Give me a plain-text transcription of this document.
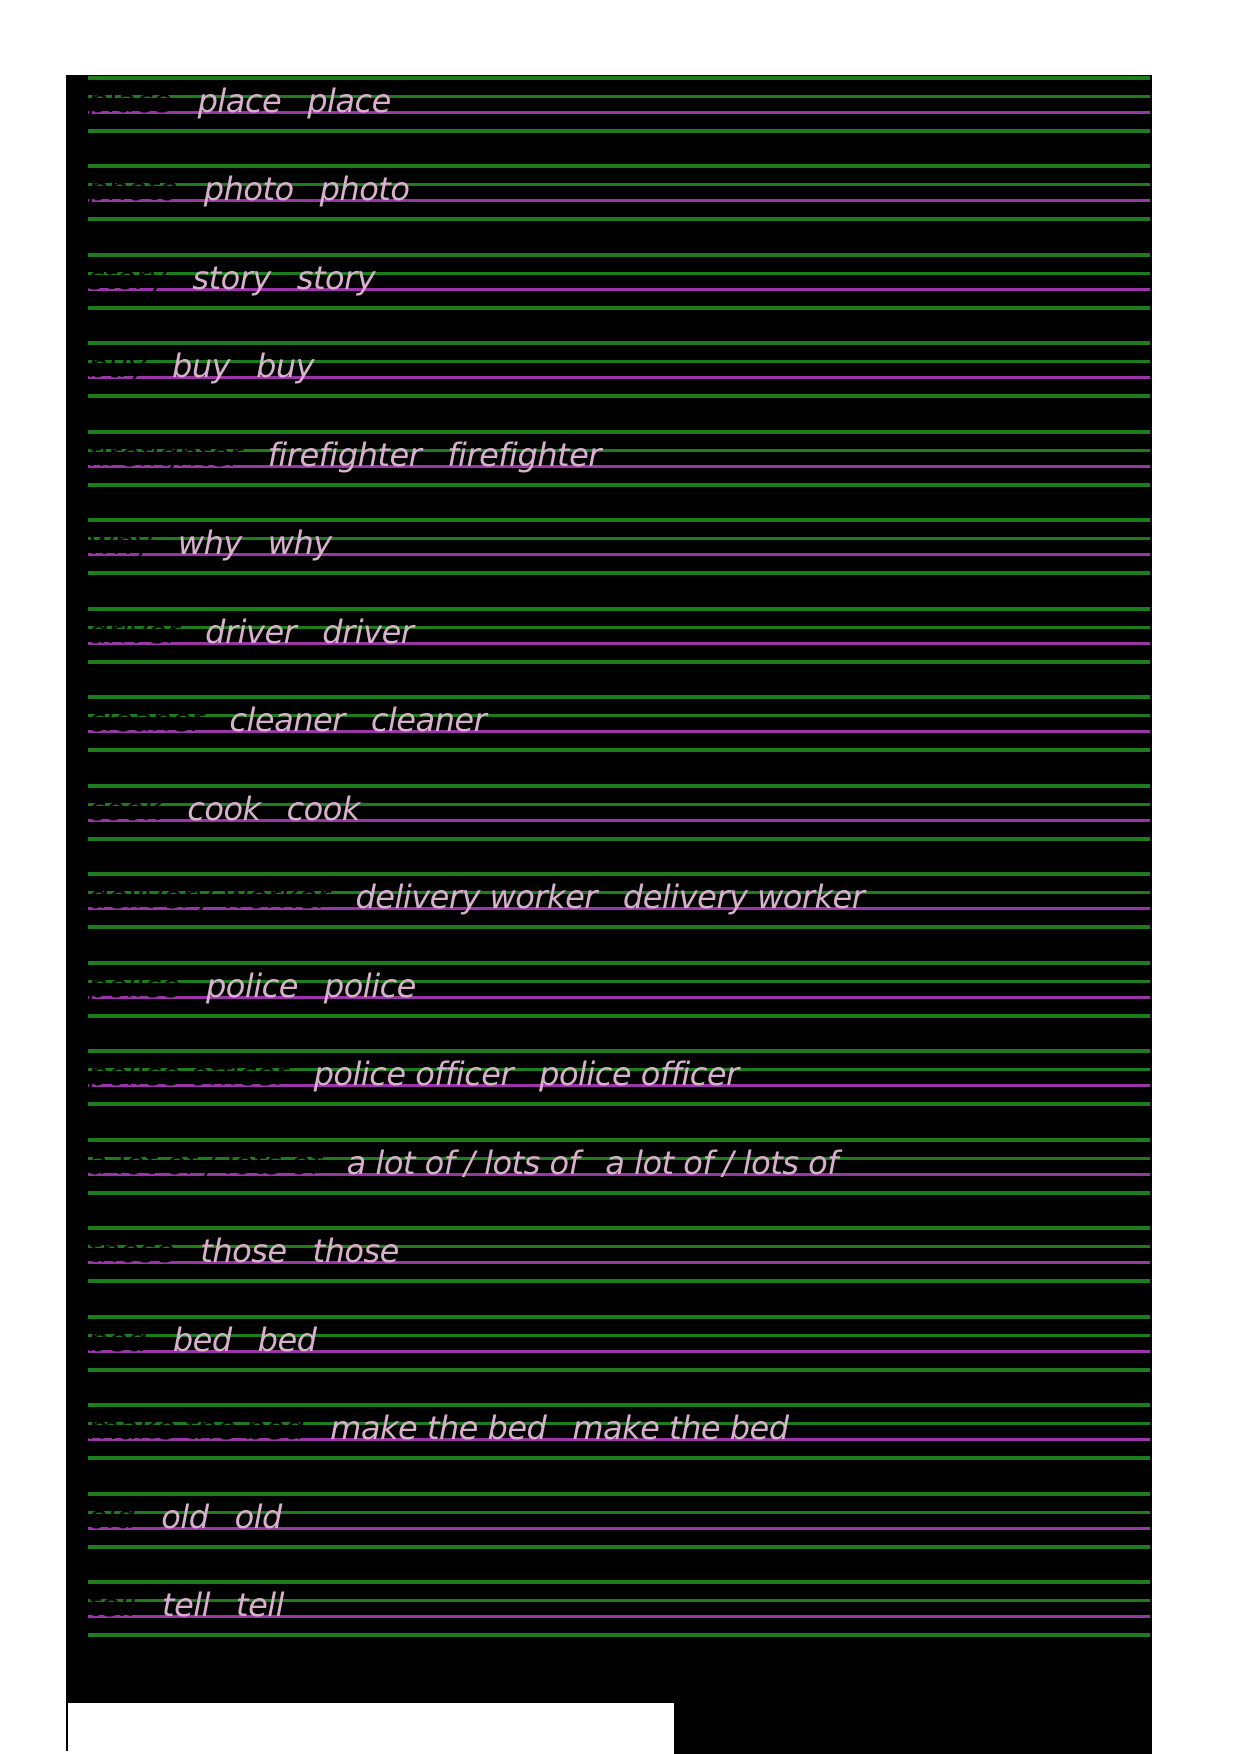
place place place
photo photo photo
story story story
buy buy buy
firefighter firefighter firefighter
why why why
driver driver driver
cleaner cleaner cleaner
cook cook cook
delivery worker delivery worker delivery worker
police police police
police officer police officer police officer
a lot of / lots of a lot of / lots of a lot of / lots of
those those those
bed bed bed
make the bed make the bed make the bed
old old old
tell tell tell
